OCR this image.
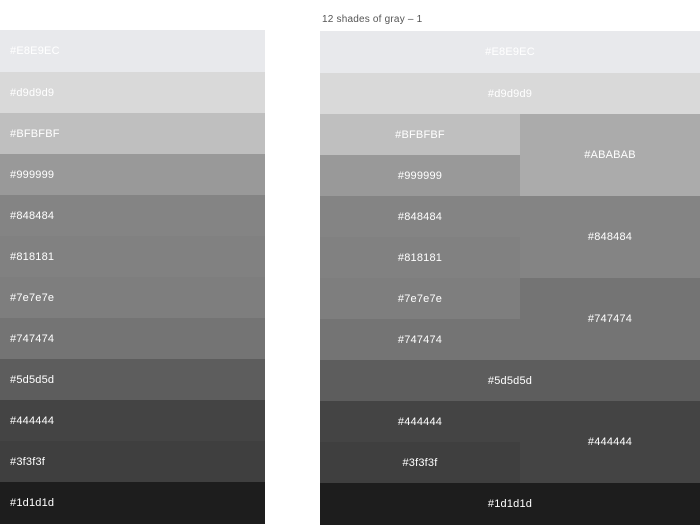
#E8E9EC
#d9d9d9
#BFBFBF
#999999
#848484
#818181
#7e7e7e
#747474
#5d5d5d
#444444
#3f3f3f
#1d1d1d
12 shades of gray – 1
#E8E9EC
#d9d9d9
#BFBFBF
#999999
#848484
#818181
#7e7e7e
#747474
#5d5d5d
#444444
#3f3f3f
#1d1d1d
#ABABAB
#848484
#747474
#444444
